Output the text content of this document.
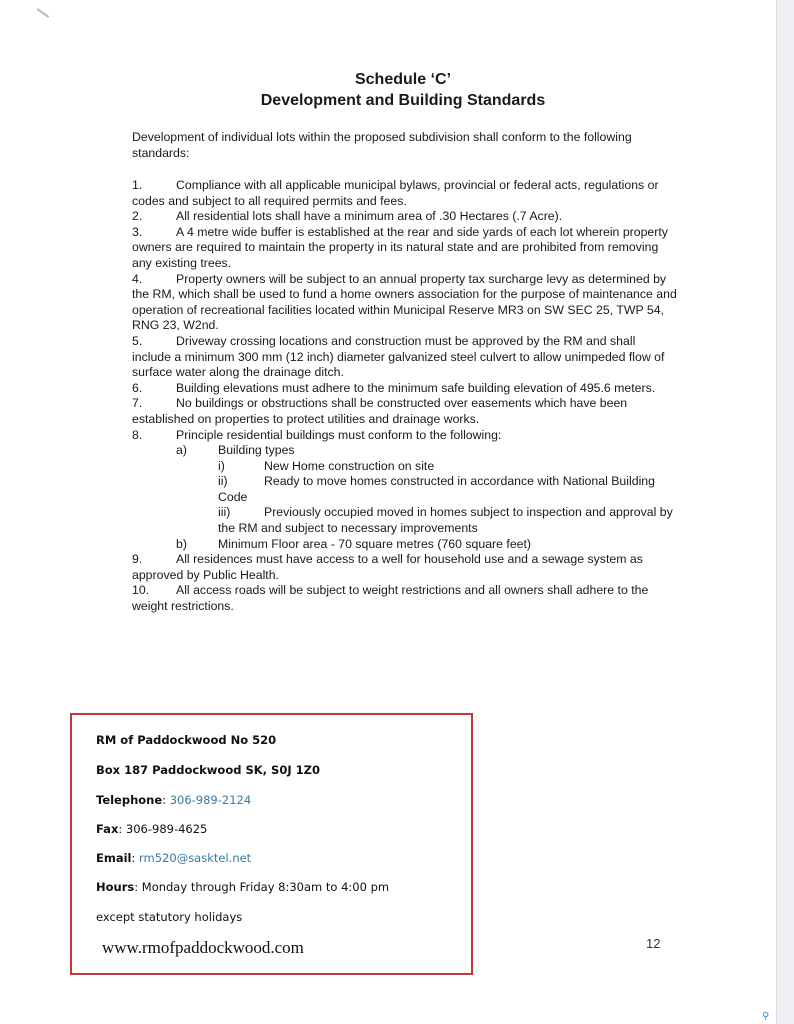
Schedule ‘C’
Development and Building Standards

Development of individual lots within the proposed subdivision shall conform to the following standards:

1.	Compliance with all applicable municipal bylaws, provincial or federal acts, regulations or codes and subject to all required permits and fees.
2.	All residential lots shall have a minimum area of .30 Hectares (.7 Acre).
3.	A 4 metre wide buffer is established at the rear and side yards of each lot wherein property owners are required to maintain the property in its natural state and are prohibited from removing any existing trees.
4.	Property owners will be subject to an annual property tax surcharge levy as determined by the RM, which shall be used to fund a home owners association for the purpose of maintenance and operation of recreational facilities located within Municipal Reserve MR3 on SW SEC 25, TWP 54, RNG 23, W2nd.
5.	Driveway crossing locations and construction must be approved by the RM and shall include a minimum 300 mm (12 inch) diameter galvanized steel culvert to allow unimpeded flow of surface water along the drainage ditch.
6.	Building elevations must adhere to the minimum safe building elevation of 495.6 meters.
7.	No buildings or obstructions shall be constructed over easements which have been established on properties to protect utilities and drainage works.
8.	Principle residential buildings must conform to the following:
a)	Building types
i)	New Home construction on site
ii)	Ready to move homes constructed in accordance with National Building Code
iii)	Previously occupied moved in homes subject to inspection and approval by the RM and subject to necessary improvements
b)	Minimum Floor area - 70 square metres (760 square feet)
9.	All residences must have access to a well for household use and a sewage system as approved by Public Health.
10.	All access roads will be subject to weight restrictions and all owners shall adhere to the weight restrictions.
RM of Paddockwood No 520
Box 187 Paddockwood SK, S0J 1Z0
Telephone: 306-989-2124
Fax: 306-989-4625
Email: rm520@sasktel.net
Hours: Monday through Friday 8:30am to 4:00 pm
except statutory holidays
www.rmofpaddockwood.com	12
⚲
